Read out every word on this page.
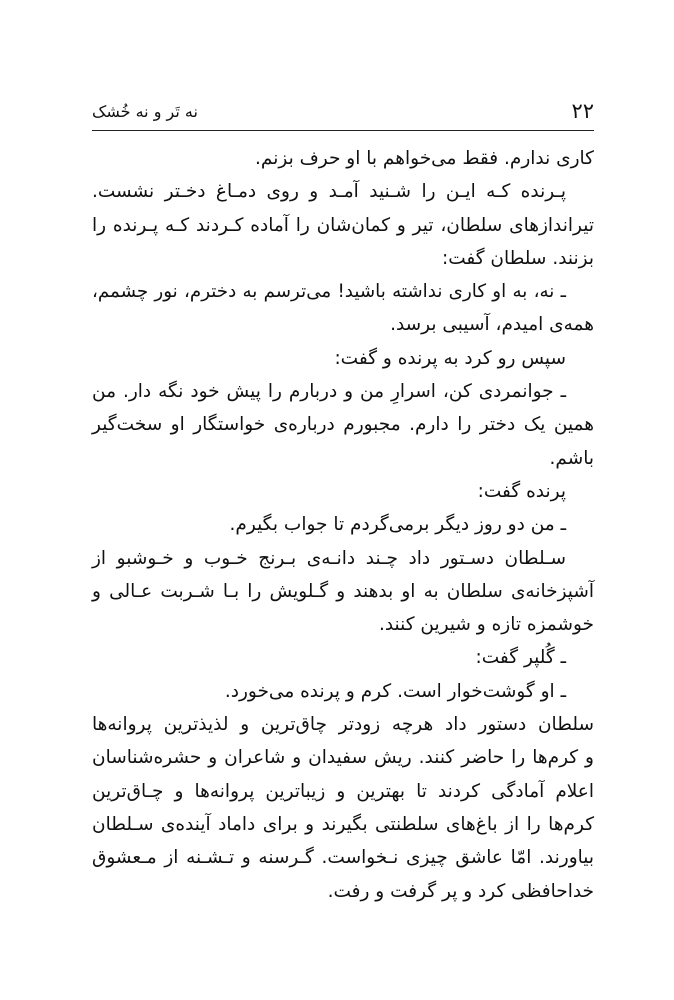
۲۲
نه تَر و نه خُشک
کاری ندارم. فقط می‌خواهم با او حرف بزنم.
پـرنده کـه ایـن را شـنید آمـد و روی دمـاغ دخـتر نشست.
تیراندازهای سلطان، تیر و کمان‌شان را آماده کـردند کـه پـرنده را
بزنند. سلطان گفت:
ـ نه، به او کاری نداشته باشید! می‌ترسم به دخترم، نور چشمم،
همه‌ی امیدم، آسیبی برسد.
سپس رو کرد به پرنده و گفت:
ـ جوانمردی کن، اسرارِ من و دربارم را پیش خود نگه دار. من
همین یک دختر را دارم. مجبورم درباره‌ی خواستگار او سخت‌گیر
باشم.
پرنده گفت:
ـ من دو روز دیگر برمی‌گردم تا جواب بگیرم.
سـلطان دسـتور داد چـند دانـه‌ی بـرنج خـوب و خـوشبو از
آشپزخانه‌ی سلطان به او بدهند و گـلویش را بـا شـربت عـالی و
خوشمزه تازه و شیرین کنند.
ـ گُلپر گفت:
ـ او گوشت‌خوار است. کرم و پرنده می‌خورد.
سلطان دستور داد هرچه زودتر چاق‌ترین و لذیذترین پروانه‌ها
و کرم‌ها را حاضر کنند. ریش سفیدان و شاعران و حشره‌شناسان
اعلام آمادگی کردند تا بهترین و زیباترین پروانه‌ها و چـاق‌ترین
کرم‌ها را از باغ‌های سلطنتی بگیرند و برای داماد آینده‌ی سـلطان
بیاورند. امّا عاشق چیزی نـخواست. گـرسنه و تـشـنه از مـعشوق
خداحافظی کرد و پر گرفت و رفت.
